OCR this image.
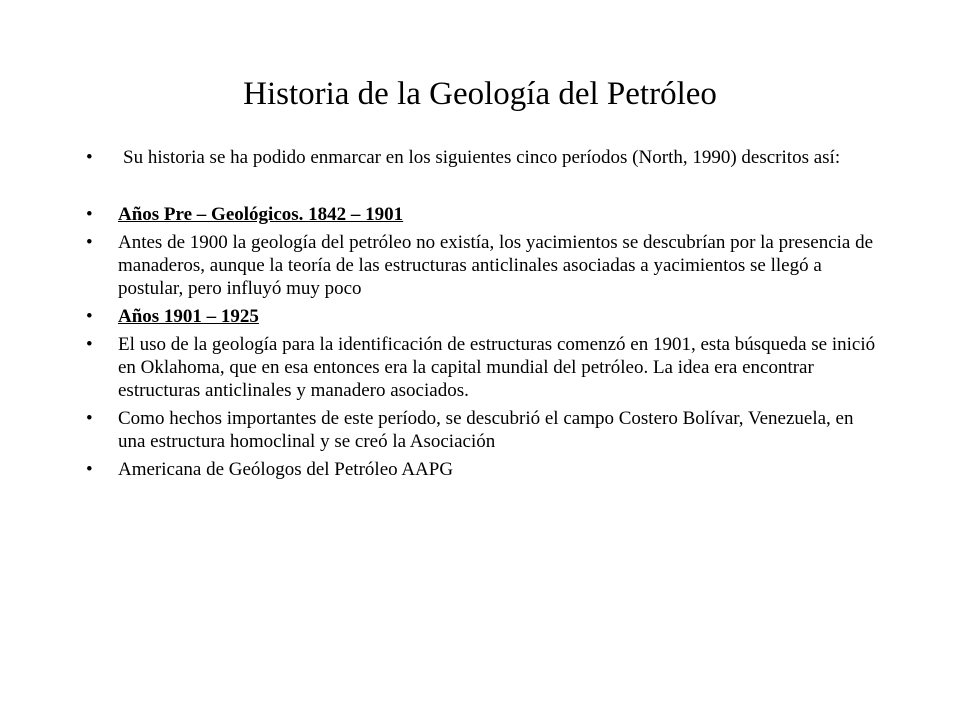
Historia de la Geología del Petróleo
• Su historia se ha podido enmarcar en los siguientes cinco períodos (North, 1990) descritos así:
• Años Pre – Geológicos. 1842 – 1901
• Antes de 1900 la geología del petróleo no existía, los yacimientos se descubrían por la presencia de manaderos, aunque la teoría de las estructuras anticlinales asociadas a yacimientos se llegó a postular, pero influyó muy poco
• Años 1901 – 1925
• El uso de la geología para la identificación de estructuras comenzó en 1901, esta búsqueda se inició en Oklahoma, que en esa entonces era la capital mundial del petróleo. La idea era encontrar estructuras anticlinales y manadero asociados.
• Como hechos importantes de este período, se descubrió el campo Costero Bolívar, Venezuela, en una estructura homoclinal y se creó la Asociación
• Americana de Geólogos del Petróleo AAPG
